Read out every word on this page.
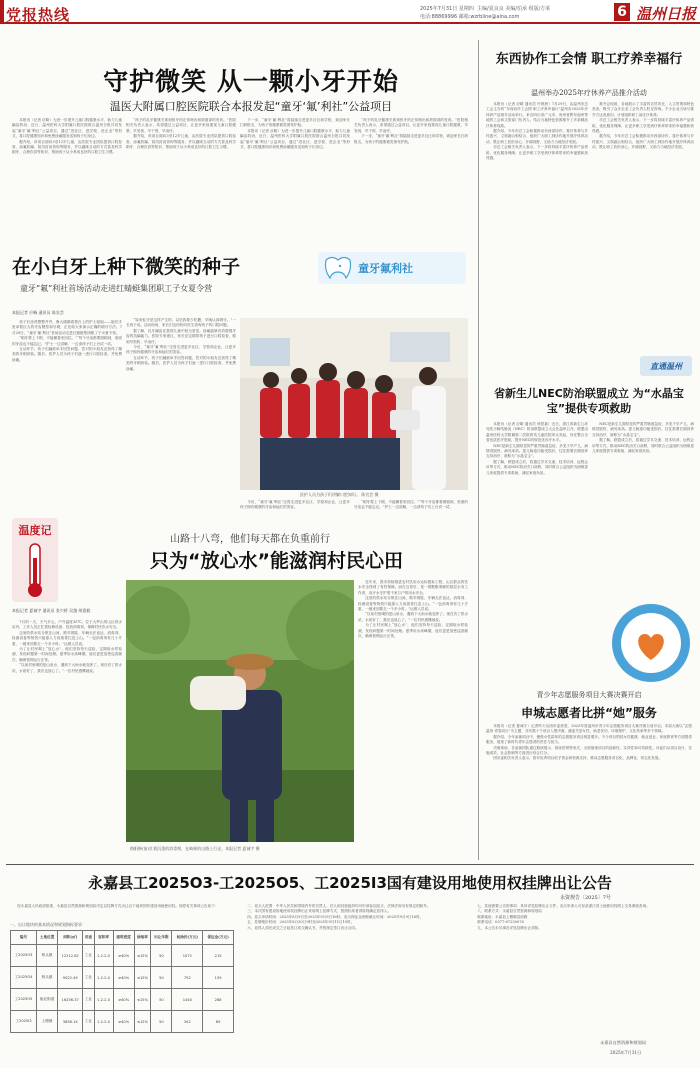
党报热线	2025年7月31日 星期四 主编/夏良良 美编/伯承 组版/方莱
电话:88869996 邮箱:wzrbline@aina.com	6 温州日报
守护微笑 从一颗小牙开始
温医大附属口腔医院联合本报发起“童牙‘氟’利社”公益项目

本报讯（记者 应略）为进一步提升儿童口腔健康水平，助力儿童龋齿防治，近日，温州医科大学附属口腔医院联合温州日报共同发起“童牙‘氟’利社”公益项目，通过“进社区、进学校、进企业”等形式，将口腔健康知识和免费涂氟服务送到孩子们身边。

据介绍，该项目面向3至12岁儿童，由医院专业团队提供口腔检查、涂氟防龋、窝沟封闭咨询等服务，并以趣味互动的方式普及科学刷牙、合理饮食等知识，帮助孩子从小养成良好的口腔卫生习惯。

“孩子的乳牙健康关系到恒牙的正常萌出和颌面部的发育。”医院相关负责人表示，希望通过公益项目，让更多家庭重视儿童口腔健康，早发现、早干预、早治疗。

据介绍，该项目面向3至12岁儿童，由医院专业团队提供口腔检查、涂氟防龋、窝沟封闭咨询等服务，并以趣味互动的方式普及科学刷牙、合理饮食等知识，帮助孩子从小养成良好的口腔卫生习惯。

下一步，“童牙‘氟’利社”将陆续走进更多社区和学校，欢迎家长扫码报名，为孩子的健康微笑保驾护航。

本报讯（记者 应略）为进一步提升儿童口腔健康水平，助力儿童龋齿防治，近日，温州医科大学附属口腔医院联合温州日报共同发起“童牙‘氟’利社”公益项目，通过“进社区、进学校、进企业”等形式，将口腔健康知识和免费涂氟服务送到孩子们身边。

“孩子的乳牙健康关系到恒牙的正常萌出和颌面部的发育。”医院相关负责人表示，希望通过公益项目，让更多家庭重视儿童口腔健康，早发现、早干预、早治疗。

下一步，“童牙‘氟’利社”将陆续走进更多社区和学校，欢迎家长扫码报名，为孩子的健康微笑保驾护航。

在小白牙上种下微笑的种子
童牙“氟”利社首场活动走进红蜻蜓集团职工子女夏令营
童牙氟利社
本报记者 应略 通讯员 陈宣芸

孩子们坐得整整齐齐，睁大眼睛看着台上的护士姐姐——她们手里拿着巨大的牙齿模型和牙刷，正在给大家演示正确的刷牙方法。7月29日，“童牙‘氟’利社”首场活动走进红蜻蜓集团职工子女夏令营。

“刷牙要上下刷，不能横着来回拉。”“每个牙齿都要照顾到，里面的牙齿也不能忘记。”护士一边讲解，一边请孩子们上台试一试。

互动环节，孩子们踊跃举手回答问题，答对的小朋友还获得了精美的牙刷套装。随后，医护人员为孩子们逐一进行口腔检查，并免费涂氟。

“原来蛀牙是这样产生的，以后我要少吃糖，早晚认真刷牙。”一名孩子说。活动现场，家长们也纷纷向医生咨询孩子的口腔问题。

据了解，乳牙龋齿在我国儿童中较为常见，涂氟能够有效增强牙齿的抗龋能力。医院专家建议，家长应定期带孩子进行口腔检查，做到早预防、早治疗。

今后，“童牙‘氟’利社”还将走进更多社区、学校和企业，让更多孩子拥有健康的牙齿和灿烂的笑容。

互动环节，孩子们踊跃举手回答问题，答对的小朋友还获得了精美的牙刷套装。随后，医护人员为孩子们逐一进行口腔检查，并免费涂氟。

医护人员为孩子们讲解口腔知识。 陈宣芸 摄

今后，“童牙‘氟’利社”还将走进更多社区、学校和企业，让更多孩子拥有健康的牙齿和灿烂的笑容。

“刷牙要上下刷，不能横着来回拉。”“每个牙齿都要照顾到，里面的牙齿也不能忘记。”护士一边讲解，一边请孩子们上台试一试。

温度记
山路十八弯，他们每天都在负重前行
只为“放心水”能滋润村民心田
本报记者 夏诚宇 通讯员 张兴桥 吴越 胡嘉毅

7月的一天，天气多云，户外温度35℃。位于大罗山的山区供水站内，工作人员正忙着检修设备、投放消毒剂，保障村民饮水安全。

这里的供水站分散在山间，路窄坡陡，车辆无法直达，消毒剂、检测设备等物资只能靠人力肩挑背扛送上山。“一包消毒剂有几十斤重，一趟来回要走一个多小时。”运维人员说。

为了让村民喝上“放心水”，他们坚持每天巡检，定期取水样检测，发现问题第一时间处理。夏季用水高峰期，他们更是加密巡查频次，确保管网运行正常。

“以前村里喝的是山泉水，遇到下大雨水就变浑了。现在有了供水站，水质好了，我们也放心了。”一位村民感慨地说。

路阳修(前)扛着沉重的消毒剂，在崎岖的山路上行走。本报记者 夏诚宇 摄

近年来，我市持续推进农村饮用水达标提标工程，山区群众的饮水安全得到了有效保障。而在这背后，是一群默默奉献的基层水务工作者，用汗水守护着千家万户的用水安全。

这里的供水站分散在山间，路窄坡陡，车辆无法直达，消毒剂、检测设备等物资只能靠人力肩挑背扛送上山。“一包消毒剂有几十斤重，一趟来回要走一个多小时。”运维人员说。

“以前村里喝的是山泉水，遇到下大雨水就变浑了。现在有了供水站，水质好了，我们也放心了。”一位村民感慨地说。

为了让村民喝上“放心水”，他们坚持每天巡检，定期取水样检测，发现问题第一时间处理。夏季用水高峰期，他们更是加密巡查频次，确保管网运行正常。

东西协作工会情 职工疗养幸福行
温州举办2025年疗休养产品推介活动

本报讯（记者 应略 通讯员 许晨晨）7月29日，由温州市总工会主办的“东西协作工会情 职工疗养幸福行”温州市2025年疗休养产品推介活动举行。来自四川省广元市、贵州省黔东南州等地的工会和文旅部门负责人，结合当地特色资源推介了多条精品疗休养线路。

据介绍，今年市总工会积极推动东西部协作，将疗休养与乡村振兴、文旅融合相结合，组织广大职工到协作地开展疗休养活动，既让职工放松身心、开阔视野，又助力当地经济发展。

市总工会相关负责人表示，下一步将持续丰富疗休养产品供给，优化服务保障，让更多职工享受到疗休养带来的幸福感和获得感。

推介会现场，各地展示了丰富的自然风光、人文景观和特色美食，吸引了众多企业工会负责人驻足咨询。不少企业当场与推介方达成意向，计划组织职工前往疗休养。

市总工会相关负责人表示，下一步将持续丰富疗休养产品供给，优化服务保障，让更多职工享受到疗休养带来的幸福感和获得感。

据介绍，今年市总工会积极推动东西部协作，将疗休养与乡村振兴、文旅融合相结合，组织广大职工到协作地开展疗休养活动，既让职工放松身心、开阔视野，又助力当地经济发展。

直通温州
省新生儿NEC防治联盟成立 为“水晶宝宝”提供专项救助

本报讯（记者 应略 通讯员 徐思嘉）近日，浙江省新生儿坏死性小肠结肠炎（NEC）防治联盟成立大会在温州召开。联盟由温州医科大学附属第二医院育英儿童医院牵头发起，旨在整合全省优质医疗资源，提升NEC的规范化诊疗水平。

NEC是新生儿期常见的严重胃肠道急症，多见于早产儿，病情进展快、病死率高。患儿肠道功能受损后，往往需要长期营养支持治疗，被称为“水晶宝宝”。

据了解，联盟成立后，将通过学术交流、技术培训、远程会诊等方式，推动NEC防治关口前移，同时联合公益组织为困难患儿家庭提供专项救助，减轻家庭负担。

NEC是新生儿期常见的严重胃肠道急症，多见于早产儿，病情进展快、病死率高。患儿肠道功能受损后，往往需要长期营养支持治疗，被称为“水晶宝宝”。

据了解，联盟成立后，将通过学术交流、技术培训、远程会诊等方式，推动NEC防治关口前移，同时联合公益组织为困难患儿家庭提供专项救助，减轻家庭负担。

志愿服务
青少年志愿服务项目大赛决赛开启
申城志愿者比拼“她”服务

本报讯（记者 夏诚宇）记者昨天从团市委获悉，2025年度温州市青少年志愿服务项目大赛决赛日前开启。本届大赛以“志愿温州 青春同行”为主题，共有数十个项目入围决赛，涵盖关爱女性、助老扶幼、环境保护、文化传承等多个领域。

据介绍，今年参赛项目中，聚焦女性群体的志愿服务项目明显增多。不少项目围绕女性健康、就业创业、家庭教育等方面提供服务，展现了新时代青年志愿者的责任与担当。

决赛现场，各参赛团队通过路演展示、现场答辩等形式，全面展现项目的创新性、实效性和可持续性。评委们从项目设计、实施成效、社会影响等方面进行综合打分。

团市委相关负责人表示，将对优秀项目给予资金和资源支持，推动志愿服务项目化、品牌化、常态化发展。

永嘉县工2025O3-工2025O5、工2025I3国有建设用地使用权挂牌出让公告
永资规告〔2025〕7号

经永嘉县人民政府批准，永嘉县自然资源和规划局决定以挂牌方式出让以下地块国有建设用地使用权。现将有关事项公告如下：

一、出让地块的基本情况和规划指标要求：
编号	土地位置	面积(㎡)	用途	容积率	建筑密度	绿地率	出让年限	起始价(万元)	保证金(万元)
工2025O3	桥头镇	12212.82	工业	1.2-2.0	≥40%	≤15%	50	1072	215
工2025O4	桥头镇	9022.49	工业	1.2-2.0	≥40%	≤15%	50	792	159
工2025O5	瓯北街道	16256.37	工业	1.2-2.0	≥40%	≤15%	50	1440	288
工2025I3	上塘镇	3856.14	工业	1.2-2.0	≥40%	≤15%	50	342	69

二、竞买人范围：中华人民共和国境内外的自然人、法人和其他组织均可申请参加竞买，法律法规另有规定的除外。

三、本次国有建设用地使用权挂牌出让采用网上挂牌方式，按照价高者得原则确定竞得人。

四、竞买申请时间：2025年8月9日至2025年9月9日16时。竞买保证金到账截止时间：2025年9月9日16时。

五、挂牌报价时间：2025年8月30日9时至2025年9月11日10时。

六、竞得人须在成交之日起签订成交确认书，并按规定签订出让合同。

七、其他需要公告的事项：具体详见挂牌出让文件。竞买申请人可登录浙江省土地使用权网上交易系统查询。

八、联系方式：永嘉县自然资源和规划局

联系地址：永嘉县上塘镇县前路

联系电话：0577-67230078

九、本公告未尽事宜详见挂牌出让须知。

永嘉县自然资源和规划局
2025年7月31日
